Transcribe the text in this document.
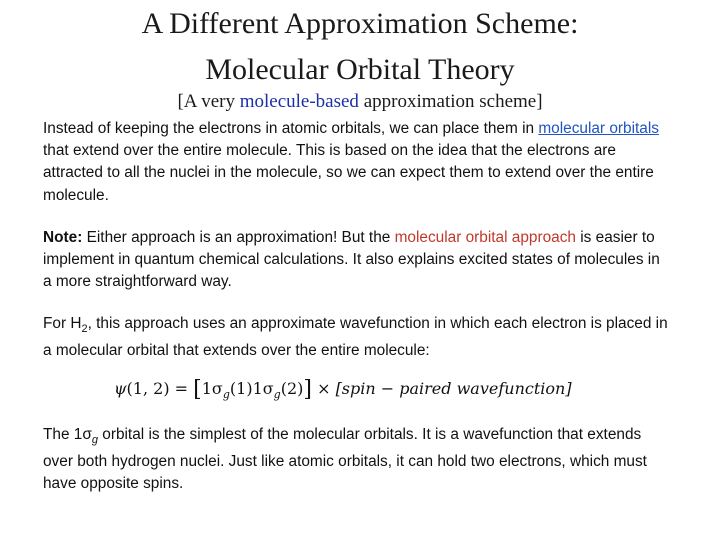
A Different Approximation Scheme:
Molecular Orbital Theory
[A very molecule-based approximation scheme]
Instead of keeping the electrons in atomic orbitals, we can place them in molecular orbitals that extend over the entire molecule. This is based on the idea that the electrons are attracted to all the nuclei in the molecule, so we can expect them to extend over the entire molecule.
Note: Either approach is an approximation! But the molecular orbital approach is easier to implement in quantum chemical calculations. It also explains excited states of molecules in a more straightforward way.
For $H_2$, this approach uses an approximate wavefunction in which each electron is placed in a molecular orbital that extends over the entire molecule:
ψ(1, $2) = [1\sigma_g(1)1\sigma_g(2)]$ × [spin − paired wavefunction]
The $1\sigma_g$ orbital is the simplest of the molecular orbitals. It is a wavefunction that extends over both hydrogen nuclei. Just like atomic orbitals, it can hold two electrons, which must have opposite spins.
